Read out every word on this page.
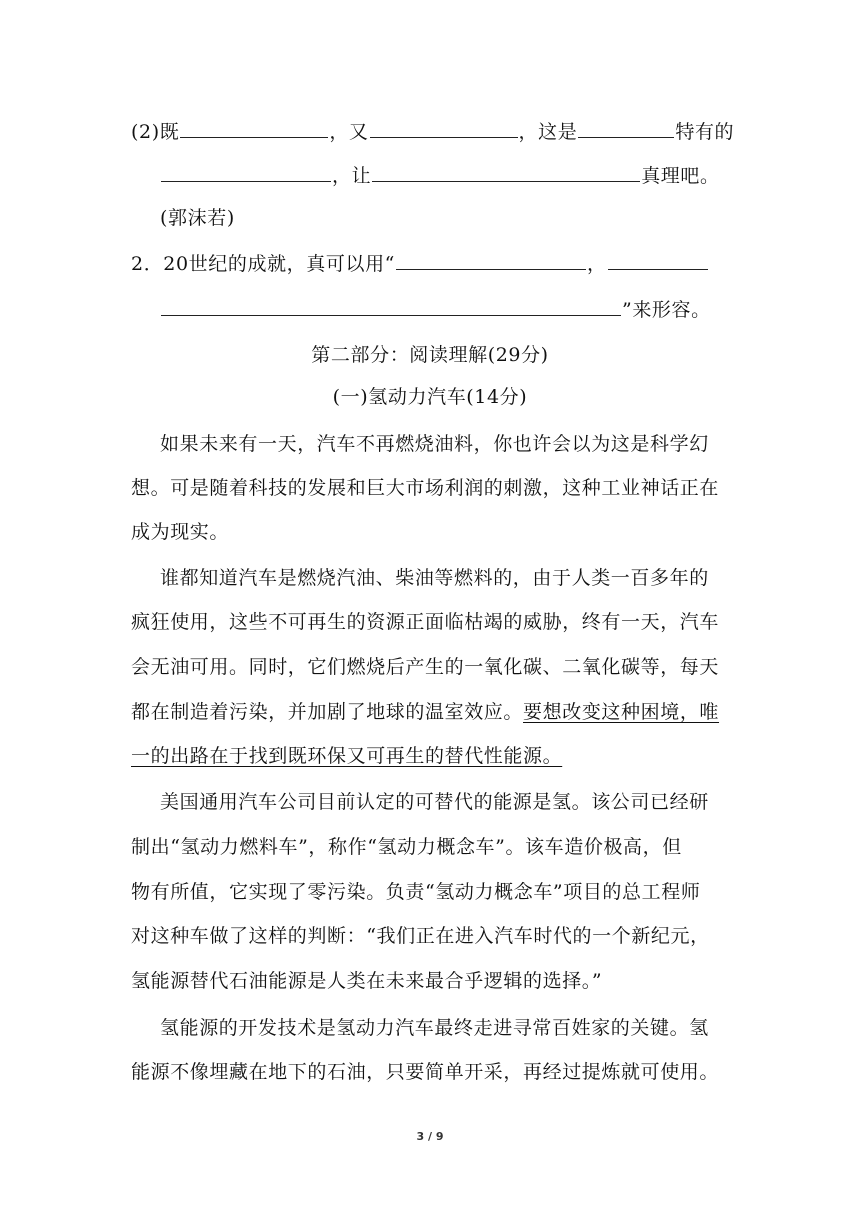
(2)既	，又	，这是	特有的
，让	真理吧。
(郭沫若)
2．20世纪的成就，真可以用“	，
”来形容。
第二部分：阅读理解(29分)
(一)氢动力汽车(14分)
如果未来有一天，汽车不再燃烧油料，你也许会以为这是科学幻
想。可是随着科技的发展和巨大市场利润的刺激，这种工业神话正在
成为现实。
谁都知道汽车是燃烧汽油、柴油等燃料的，由于人类一百多年的
疯狂使用，这些不可再生的资源正面临枯竭的威胁，终有一天，汽车
会无油可用。同时，它们燃烧后产生的一氧化碳、二氧化碳等，每天
都在制造着污染，并加剧了地球的温室效应。要想改变这种困境，唯
一的出路在于找到既环保又可再生的替代性能源。
美国通用汽车公司目前认定的可替代的能源是氢。该公司已经研
制出“氢动力燃料车”，称作“氢动力概念车”。该车造价极高，但
物有所值，它实现了零污染。负责“氢动力概念车”项目的总工程师
对这种车做了这样的判断：“我们正在进入汽车时代的一个新纪元，
氢能源替代石油能源是人类在未来最合乎逻辑的选择。”
氢能源的开发技术是氢动力汽车最终走进寻常百姓家的关键。氢
能源不像埋藏在地下的石油，只要简单开采，再经过提炼就可使用。
3 / 9
